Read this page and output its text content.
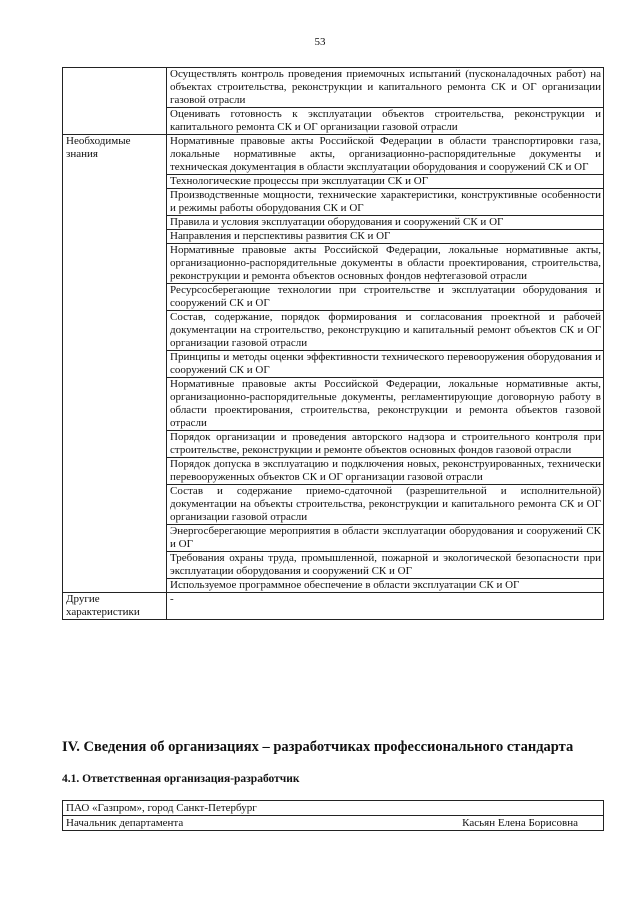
53
	Осуществлять контроль проведения приемочных испытаний (пусконаладочных работ) на объектах строительства, реконструкции и капитального ремонта СК и ОГ организации газовой отрасли
	Оценивать готовность к эксплуатации объектов строительства, реконструкции и капитального ремонта СК и ОГ организации газовой отрасли
Необходимые знания	Нормативные правовые акты Российской Федерации в области транспортировки газа, локальные нормативные акты, организационно-распорядительные документы и техническая документация в области эксплуатации оборудования и сооружений СК и ОГ
	Технологические процессы при эксплуатации СК и ОГ
	Производственные мощности, технические характеристики, конструктивные особенности и режимы работы оборудования СК и ОГ
	Правила и условия эксплуатации оборудования и сооружений СК и ОГ
	Направления и перспективы развития СК и ОГ
	Нормативные правовые акты Российской Федерации, локальные нормативные акты, организационно-распорядительные документы в области проектирования, строительства, реконструкции и ремонта объектов основных фондов нефтегазовой отрасли
	Ресурсосберегающие технологии при строительстве и эксплуатации оборудования и сооружений СК и ОГ
	Состав, содержание, порядок формирования и согласования проектной и рабочей документации на строительство, реконструкцию и капитальный ремонт объектов СК и ОГ организации газовой отрасли
	Принципы и методы оценки эффективности технического перевооружения оборудования и сооружений СК и ОГ
	Нормативные правовые акты Российской Федерации, локальные нормативные акты, организационно-распорядительные документы, регламентирующие договорную работу в области проектирования, строительства, реконструкции и ремонта объектов газовой отрасли
	Порядок организации и проведения авторского надзора и строительного контроля при строительстве, реконструкции и ремонте объектов основных фондов газовой отрасли
	Порядок допуска в эксплуатацию и подключения новых, реконструированных, технически перевооруженных объектов СК и ОГ организации газовой отрасли
	Состав и содержание приемо-сдаточной (разрешительной и исполнительной) документации на объекты строительства, реконструкции и капитального ремонта СК и ОГ организации газовой отрасли
	Энергосберегающие мероприятия в области эксплуатации оборудования и сооружений СК и ОГ
	Требования охраны труда, промышленной, пожарной и экологической безопасности при эксплуатации оборудования и сооружений СК и ОГ
	Используемое программное обеспечение в области эксплуатации СК и ОГ
Другие характеристики	-
IV. Сведения об организациях – разработчиках профессионального стандарта
4.1. Ответственная организация-разработчик
ПАО «Газпром», город Санкт-Петербург

Начальник департамента	Касьян Елена Борисовна
